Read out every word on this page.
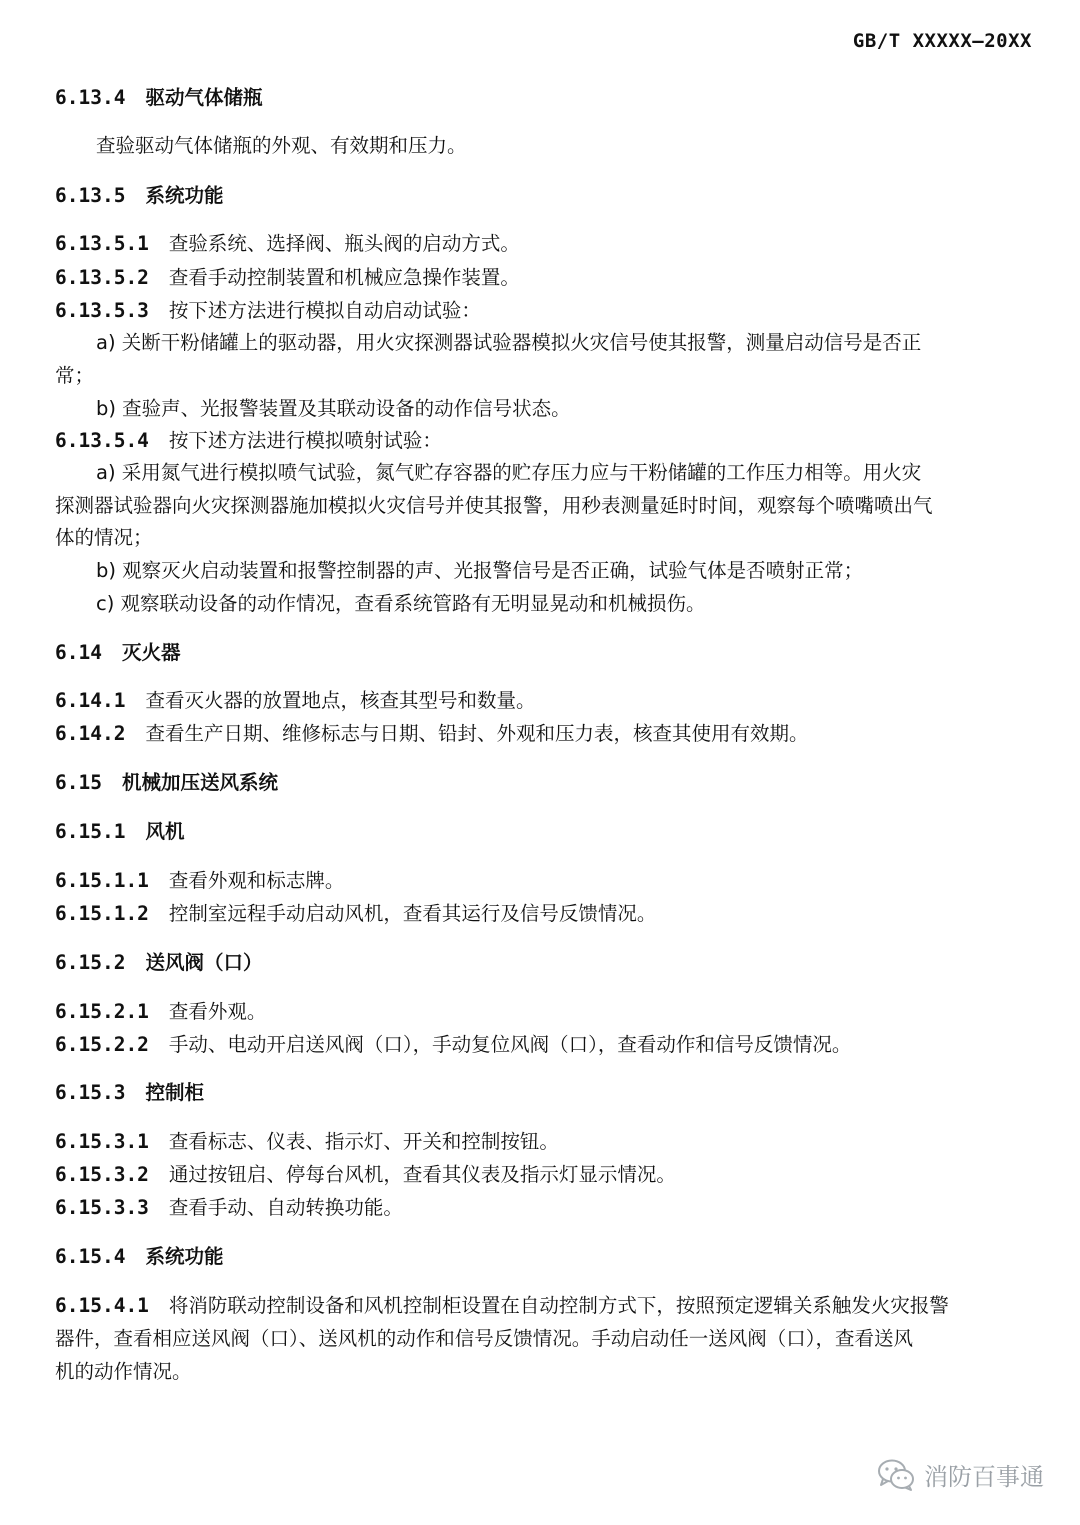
GB/T XXXXX—20XX
6.13.4 驱动气体储瓶
查验驱动气体储瓶的外观、有效期和压力。
6.13.5 系统功能
6.13.5.1 查验系统、选择阀、瓶头阀的启动方式。
6.13.5.2 查看手动控制装置和机械应急操作装置。
6.13.5.3 按下述方法进行模拟自动启动试验：
a) 关断干粉储罐上的驱动器，用火灾探测器试验器模拟火灾信号使其报警，测量启动信号是否正
常；
b) 查验声、光报警装置及其联动设备的动作信号状态。
6.13.5.4 按下述方法进行模拟喷射试验：
a) 采用氮气进行模拟喷气试验，氮气贮存容器的贮存压力应与干粉储罐的工作压力相等。用火灾
探测器试验器向火灾探测器施加模拟火灾信号并使其报警，用秒表测量延时时间，观察每个喷嘴喷出气
体的情况；
b) 观察灭火启动装置和报警控制器的声、光报警信号是否正确，试验气体是否喷射正常；
c) 观察联动设备的动作情况，查看系统管路有无明显晃动和机械损伤。
6.14 灭火器
6.14.1 查看灭火器的放置地点，核查其型号和数量。
6.14.2 查看生产日期、维修标志与日期、铅封、外观和压力表，核查其使用有效期。
6.15 机械加压送风系统
6.15.1 风机
6.15.1.1 查看外观和标志牌。
6.15.1.2 控制室远程手动启动风机，查看其运行及信号反馈情况。
6.15.2 送风阀（口）
6.15.2.1 查看外观。
6.15.2.2 手动、电动开启送风阀（口），手动复位风阀（口），查看动作和信号反馈情况。
6.15.3 控制柜
6.15.3.1 查看标志、仪表、指示灯、开关和控制按钮。
6.15.3.2 通过按钮启、停每台风机，查看其仪表及指示灯显示情况。
6.15.3.3 查看手动、自动转换功能。
6.15.4 系统功能
6.15.4.1 将消防联动控制设备和风机控制柜设置在自动控制方式下，按照预定逻辑关系触发火灾报警
器件，查看相应送风阀（口）、送风机的动作和信号反馈情况。手动启动任一送风阀（口），查看送风
机的动作情况。
消防百事通
